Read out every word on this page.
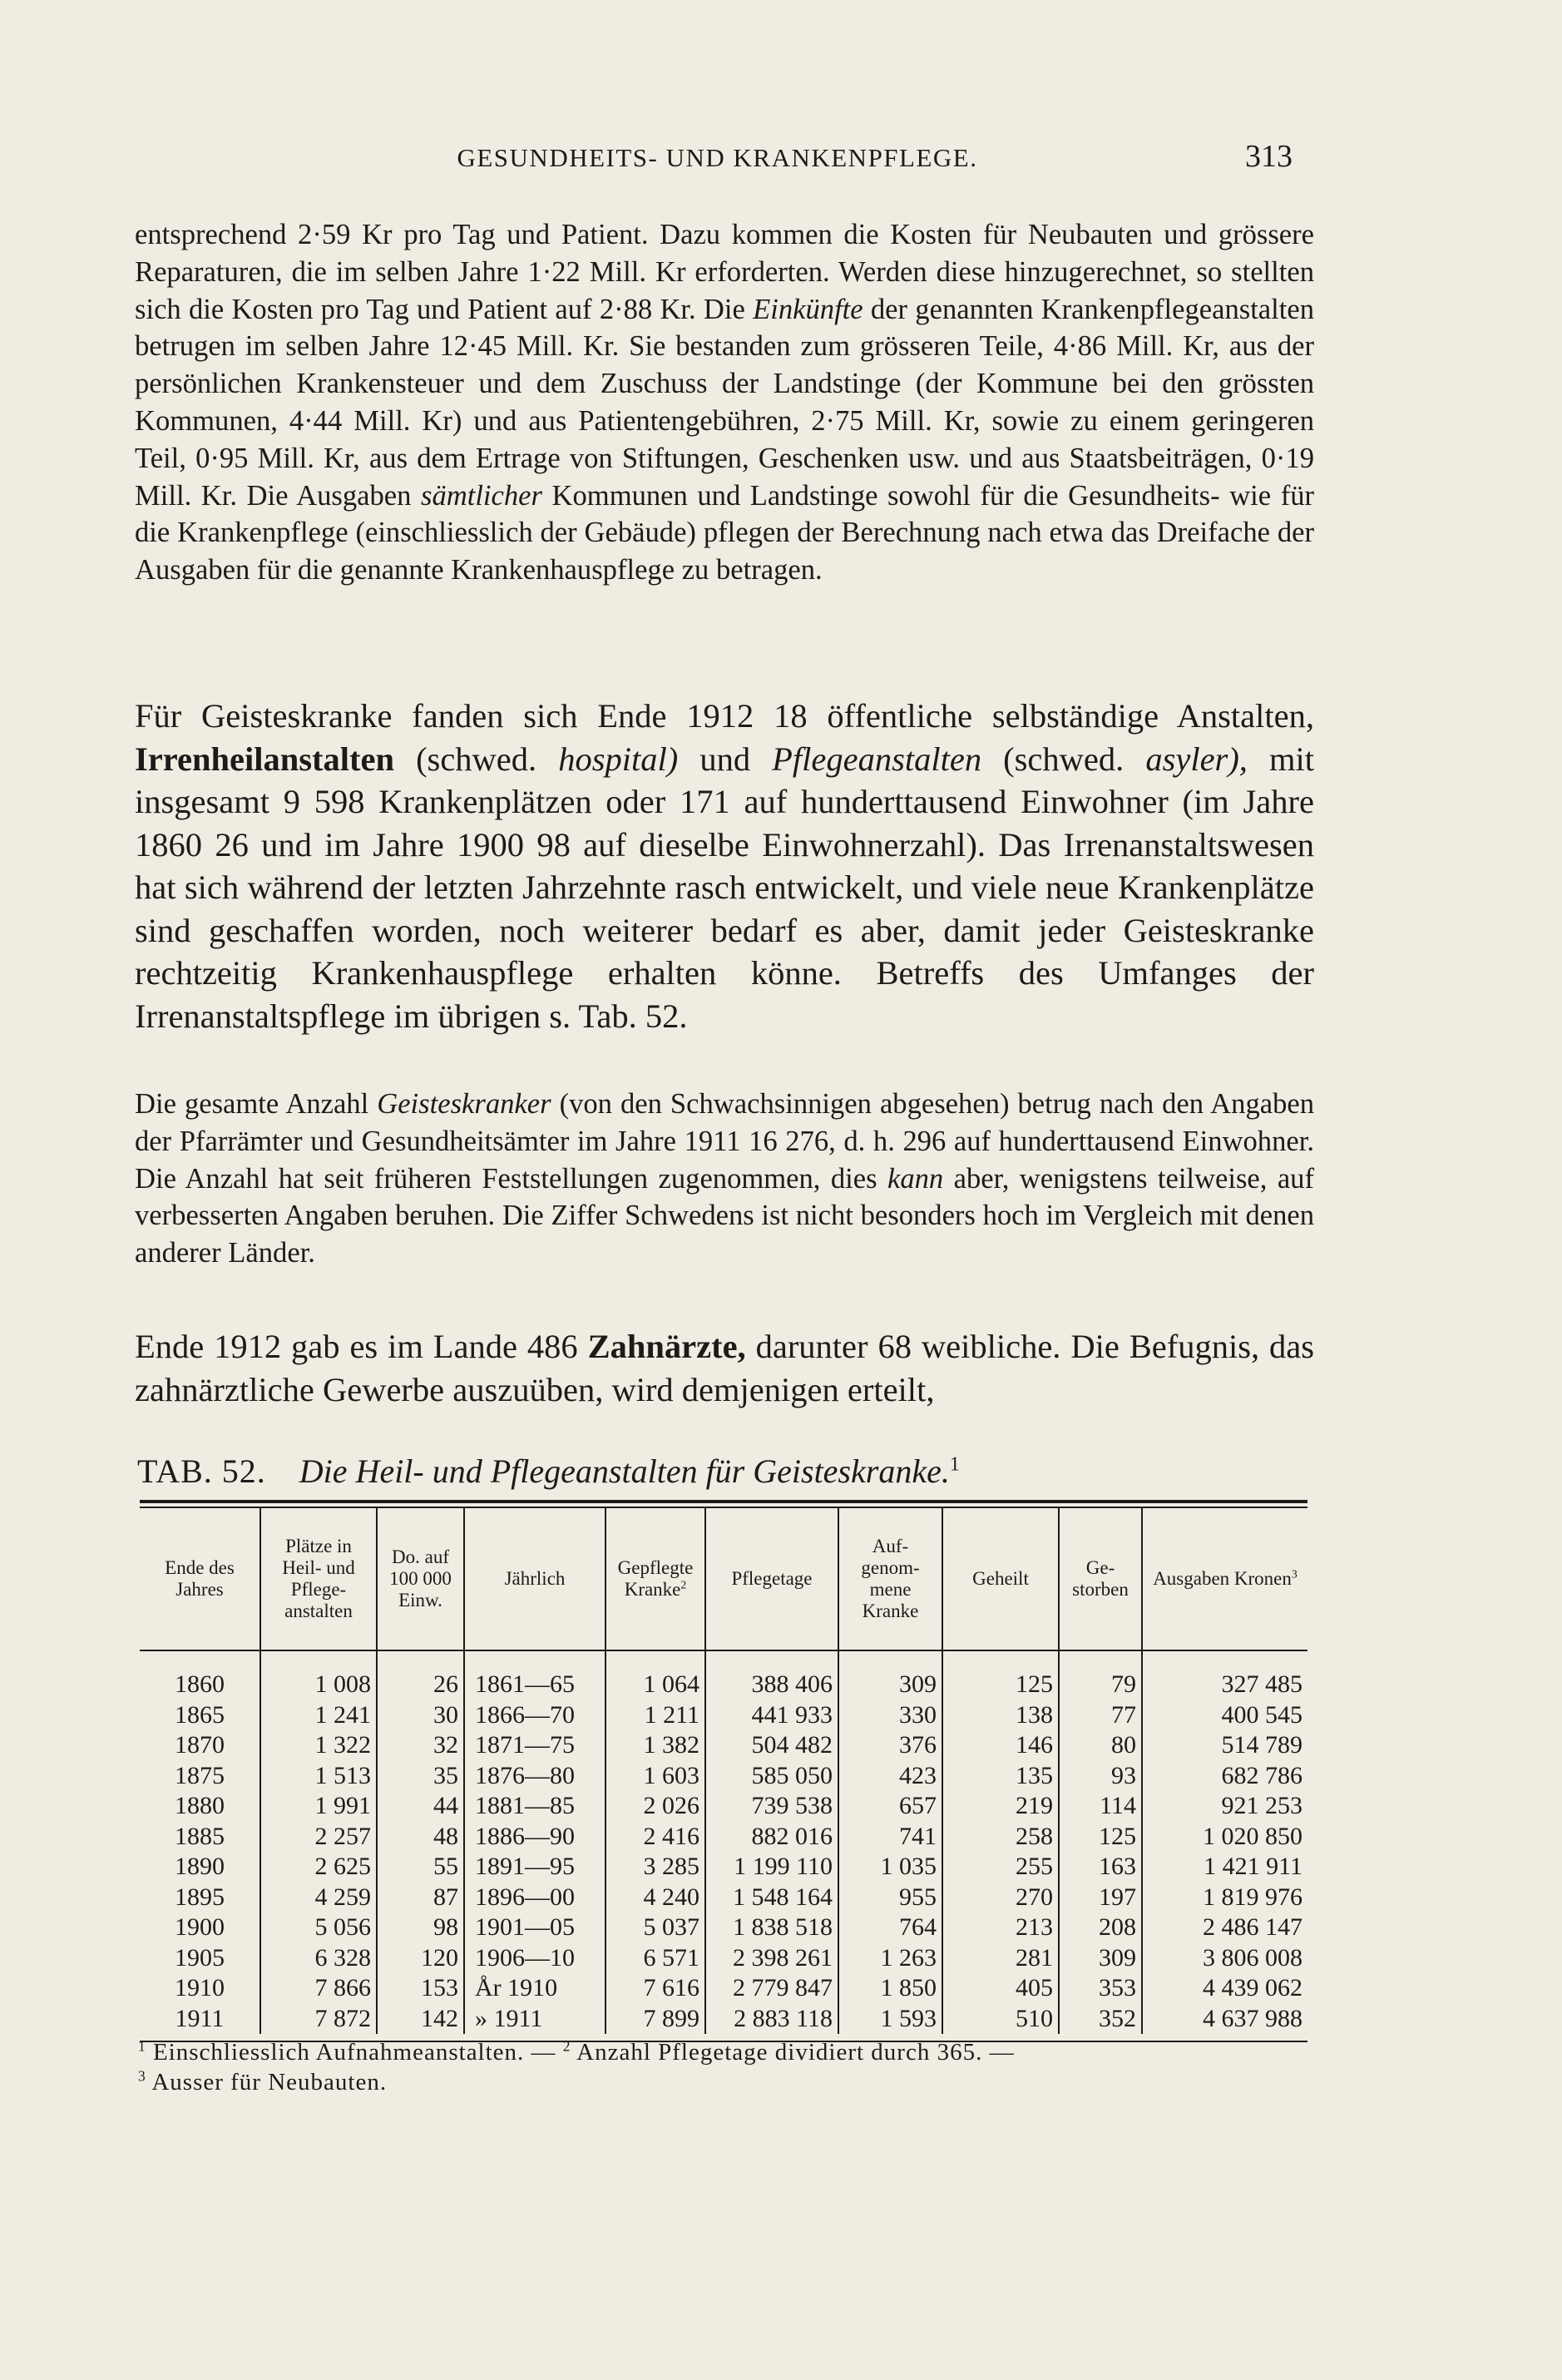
GESUNDHEITS- UND KRANKENPFLEGE.	313

entsprechend 2·59 Kr pro Tag und Patient. Dazu kommen die Kosten für Neubauten und grössere Reparaturen, die im selben Jahre 1·22 Mill. Kr erforderten. Werden diese hinzugerechnet, so stellten sich die Kosten pro Tag und Patient auf 2·88 Kr. Die Einkünfte der genannten Krankenpflegeanstalten betrugen im selben Jahre 12·45 Mill. Kr. Sie bestanden zum grösseren Teile, 4·86 Mill. Kr, aus der persönlichen Krankensteuer und dem Zuschuss der Landstinge (der Kommune bei den grössten Kommunen, 4·44 Mill. Kr) und aus Patientengebühren, 2·75 Mill. Kr, sowie zu einem geringeren Teil, 0·95 Mill. Kr, aus dem Ertrage von Stiftungen, Geschenken usw. und aus Staatsbeiträgen, 0·19 Mill. Kr. Die Ausgaben sämtlicher Kommunen und Landstinge sowohl für die Gesundheits- wie für die Krankenpflege (einschliesslich der Gebäude) pflegen der Berechnung nach etwa das Dreifache der Ausgaben für die genannte Krankenhauspflege zu betragen.

Für Geisteskranke fanden sich Ende 1912 18 öffentliche selbständige Anstalten, Irrenheilanstalten (schwed. hospital) und Pflegeanstalten (schwed. asyler), mit insgesamt 9 598 Krankenplätzen oder 171 auf hunderttausend Einwohner (im Jahre 1860 26 und im Jahre 1900 98 auf dieselbe Einwohnerzahl). Das Irrenanstaltswesen hat sich während der letzten Jahrzehnte rasch entwickelt, und viele neue Krankenplätze sind geschaffen worden, noch weiterer bedarf es aber, damit jeder Geisteskranke rechtzeitig Krankenhauspflege erhalten könne. Betreffs des Umfanges der Irrenanstaltspflege im übrigen s. Tab. 52.

Die gesamte Anzahl Geisteskranker (von den Schwachsinnigen abgesehen) betrug nach den Angaben der Pfarrämter und Gesundheitsämter im Jahre 1911 16 276, d. h. 296 auf hunderttausend Einwohner. Die Anzahl hat seit früheren Feststellungen zugenommen, dies kann aber, wenigstens teilweise, auf verbesserten Angaben beruhen. Die Ziffer Schwedens ist nicht besonders hoch im Vergleich mit denen anderer Länder.

Ende 1912 gab es im Lande 486 Zahnärzte, darunter 68 weibliche. Die Befugnis, das zahnärztliche Gewerbe auszuüben, wird demjenigen erteilt,

TAB. 52. Die Heil- und Pflegeanstalten für Geisteskranke.$^1$
Ende des Jahres	Plätze in Heil- und Pflege- anstalten	Do. auf 100 000 Einw.	Jährlich	Gepflegte Kranke$^2$	Pflegetage	Auf- genom- mene Kranke	Geheilt	Ge- storben	Ausgaben Kronen$^3$

1860	1 008	26	1861—65	1 064	388 406	309	125	79	327 485
1865	1 241	30	1866—70	1 211	441 933	330	138	77	400 545
1870	1 322	32	1871—75	1 382	504 482	376	146	80	514 789
1875	1 513	35	1876—80	1 603	585 050	423	135	93	682 786
1880	1 991	44	1881—85	2 026	739 538	657	219	114	921 253
1885	2 257	48	1886—90	2 416	882 016	741	258	125	1 020 850
1890	2 625	55	1891—95	3 285	1 199 110	1 035	255	163	1 421 911
1895	4 259	87	1896—00	4 240	1 548 164	955	270	197	1 819 976
1900	5 056	98	1901—05	5 037	1 838 518	764	213	208	2 486 147
1905	6 328	120	1906—10	6 571	2 398 261	1 263	281	309	3 806 008
1910	7 866	153	År 1910	7 616	2 779 847	1 850	405	353	4 439 062
1911	7 872	142	» 1911	7 899	2 883 118	1 593	510	352	4 637 988
$^1$ Einschliesslich Aufnahmeanstalten. — $^2$ Anzahl Pflegetage dividiert durch 365. —
$^3$ Ausser für Neubauten.
